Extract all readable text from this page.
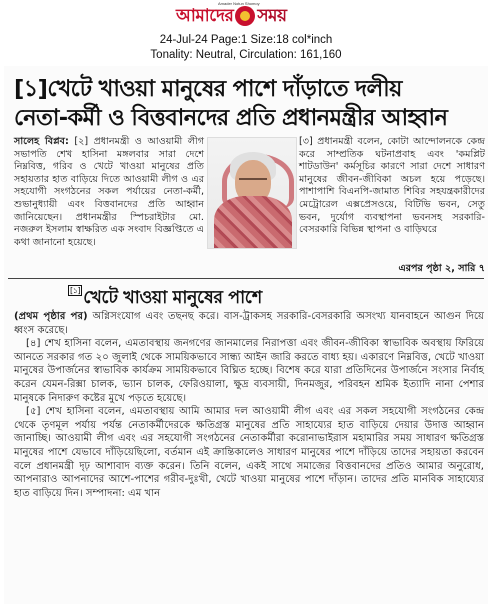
Amader Notun Shomoy
আমাদের সময়
24-Jul-24 Page:1 Size:18 col*inch
Tonality: Neutral, Circulation: 161,160
[১]খেটে খাওয়া মানুষের পাশে দাঁড়াতে দলীয়
নেতা-কর্মী ও বিত্তবানদের প্রতি প্রধানমন্ত্রীর আহ্বান
সালেহ বিপ্লব: [২] প্রধানমন্ত্রী ও আওয়ামী লীগ সভাপতি শেখ হাসিনা মঙ্গলবার সারা দেশে নিম্নবিত্ত, গরিব ও খেটে খাওয়া মানুষের প্রতি সহায়তার হাত বাড়িয়ে দিতে আওয়ামী লীগ ও এর সহযোগী সংগঠনের সকল পর্যায়ের নেতা-কর্মী, শুভানুধ্যায়ী এবং বিত্তবানদের প্রতি আহ্বান জানিয়েছেন। প্রধানমন্ত্রীর স্পিচরাইটার মো. নজরুল ইসলাম স্বাক্ষরিত এক সংবাদ বিজ্ঞপ্তিতে এ কথা জানানো হয়েছে।
[৩] প্রধানমন্ত্রী বলেন, কোটা আন্দোলনকে কেন্দ্র করে সাম্প্রতিক ঘটনাপ্রবাহ এবং 'কমপ্লিট শাটডাউন' কর্মসূচির কারণে সারা দেশে সাধারণ মানুষের জীবন-জীবিকা অচল হয়ে পড়েছে। পাশাপাশি বিএনপি-জামাত শিবির সহযন্ত্রকারীদের মেট্রোরেল এক্সপ্রেসওয়ে, বিটিভি ভবন, সেতু ভবন, দুর্যোগ ব্যবস্থাপনা ভবনসহ সরকারি-বেসরকারি বিভিন্ন স্থাপনা ও বাড়িঘরে
এরপর পৃষ্ঠা ২, সারি ৭
[১] খেটে খাওয়া মানুষের পাশে

(প্রথম পৃষ্ঠার পর) অগ্নিসংযোগ এবং তছনছ করে। বাস-ট্রাকসহ সরকারি-বেসরকারি অসংখ্য যানবাহনে আগুন দিয়ে ধ্বংস করেছে।

[৪] শেখ হাসিনা বলেন, এমতাবস্থায় জনগণের জানমালের নিরাপত্তা এবং জীবন-জীবিকা স্বাভাবিক অবস্থায় ফিরিয়ে আনতে সরকার গত ২০ জুলাই থেকে সাময়িকভাবে সান্ধ্য আইন জারি করতে বাধ্য হয়। একারণে নিম্নবিত্ত, খেটে খাওয়া মানুষের উপার্জনের স্বাভাবিক কার্যক্রম সাময়িকভাবে বিঘ্নিত হচ্ছে। বিশেষ করে যারা প্রতিদিনের উপার্জনে সংসার নির্বাহ করেন যেমন-রিক্সা চালক, ভ্যান চালক, ফেরিওয়ালা, ক্ষুদ্র ব্যবসায়ী, দিনমজুর, পরিবহন শ্রমিক ইত্যাদি নানা পেশার মানুষকে নিদারুণ কষ্টের মুখে পড়তে হয়েছে।

[৫] শেখ হাসিনা বলেন, এমতাবস্থায় আমি আমার দল আওয়ামী লীগ এবং এর সকল সহযোগী সংগঠনের কেন্দ্র থেকে তৃণমূল পর্যায় পর্যন্ত নেতাকর্মীদেরকে ক্ষতিগ্রস্ত মানুষের প্রতি সাহায্যের হাত বাড়িয়ে দেয়ার উদাত্ত আহ্বান জানাচ্ছি। আওয়ামী লীগ এবং এর সহযোগী সংগঠনের নেতাকর্মীরা করোনাভাইরাস মহামারির সময় সাধারণ ক্ষতিগ্রস্ত মানুষের পাশে যেভাবে দাঁড়িয়েছিলো, বর্তমান এই ক্রান্তিকালেও সাধারণ মানুষের পাশে দাঁড়িয়ে তাদের সহায়তা করবেন বলে প্রধানমন্ত্রী দৃঢ় আশাবাদ ব্যক্ত করেন। তিনি বলেন, একই সাথে সমাজের বিত্তবানদের প্রতিও আমার অনুরোধ, আপনারাও আপনাদের আশে-পাশের গরীব-দুঃখী, খেটে খাওয়া মানুষের পাশে দাঁড়ান। তাদের প্রতি মানবিক সাহায্যের হাত বাড়িয়ে দিন। সম্পাদনা: এম খান
